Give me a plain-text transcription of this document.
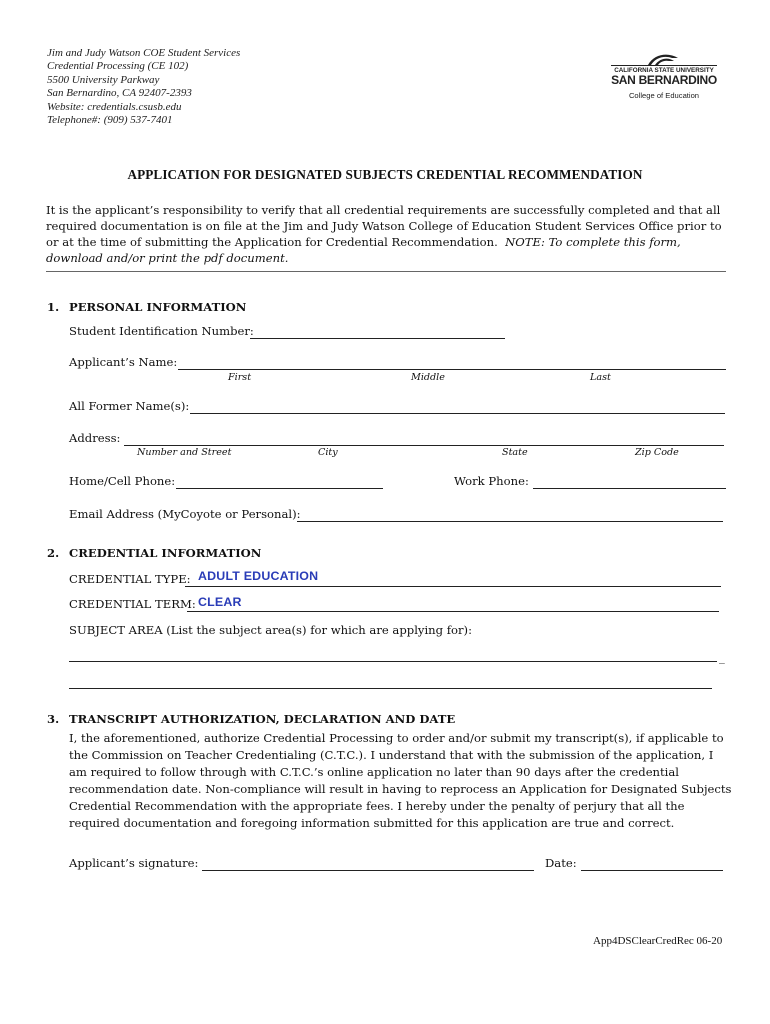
Jim and Judy Watson COE Student Services
Credential Processing (CE 102)
5500 University Parkway
San Bernardino, CA 92407-2393
Website: credentials.csusb.edu
Telephone#: (909) 537-7401
CALIFORNIA STATE UNIVERSITY
SAN BERNARDINO
College of Education
APPLICATION FOR DESIGNATED SUBJECTS CREDENTIAL RECOMMENDATION
It is the applicant’s responsibility to verify that all credential requirements are successfully completed and that all required documentation is on file at the Jim and Judy Watson College of Education Student Services Office prior to or at the time of submitting the Application for Credential Recommendation. NOTE: To complete this form, download and/or print the pdf document.
1. PERSONAL INFORMATION
Student Identification Number:
Applicant’s Name:
First	Middle	Last
All Former Name(s):
Address:
Number and Street	City	State	Zip Code
Home/Cell Phone:	Work Phone:
Email Address (MyCoyote or Personal):
2. CREDENTIAL INFORMATION
CREDENTIAL TYPE: ADULT EDUCATION
CREDENTIAL TERM: CLEAR
SUBJECT AREA (List the subject area(s) for which are applying for):
_
3. TRANSCRIPT AUTHORIZATION, DECLARATION AND DATE
I, the aforementioned, authorize Credential Processing to order and/or submit my transcript(s), if applicable to the Commission on Teacher Credentialing (C.T.C.). I understand that with the submission of the application, I am required to follow through with C.T.C.’s online application no later than 90 days after the credential recommendation date. Non-compliance will result in having to reprocess an Application for Designated Subjects Credential Recommendation with the appropriate fees. I hereby under the penalty of perjury that all the required documentation and foregoing information submitted for this application are true and correct.
Applicant’s signature:	Date:
App4DSClearCredRec 06-20
